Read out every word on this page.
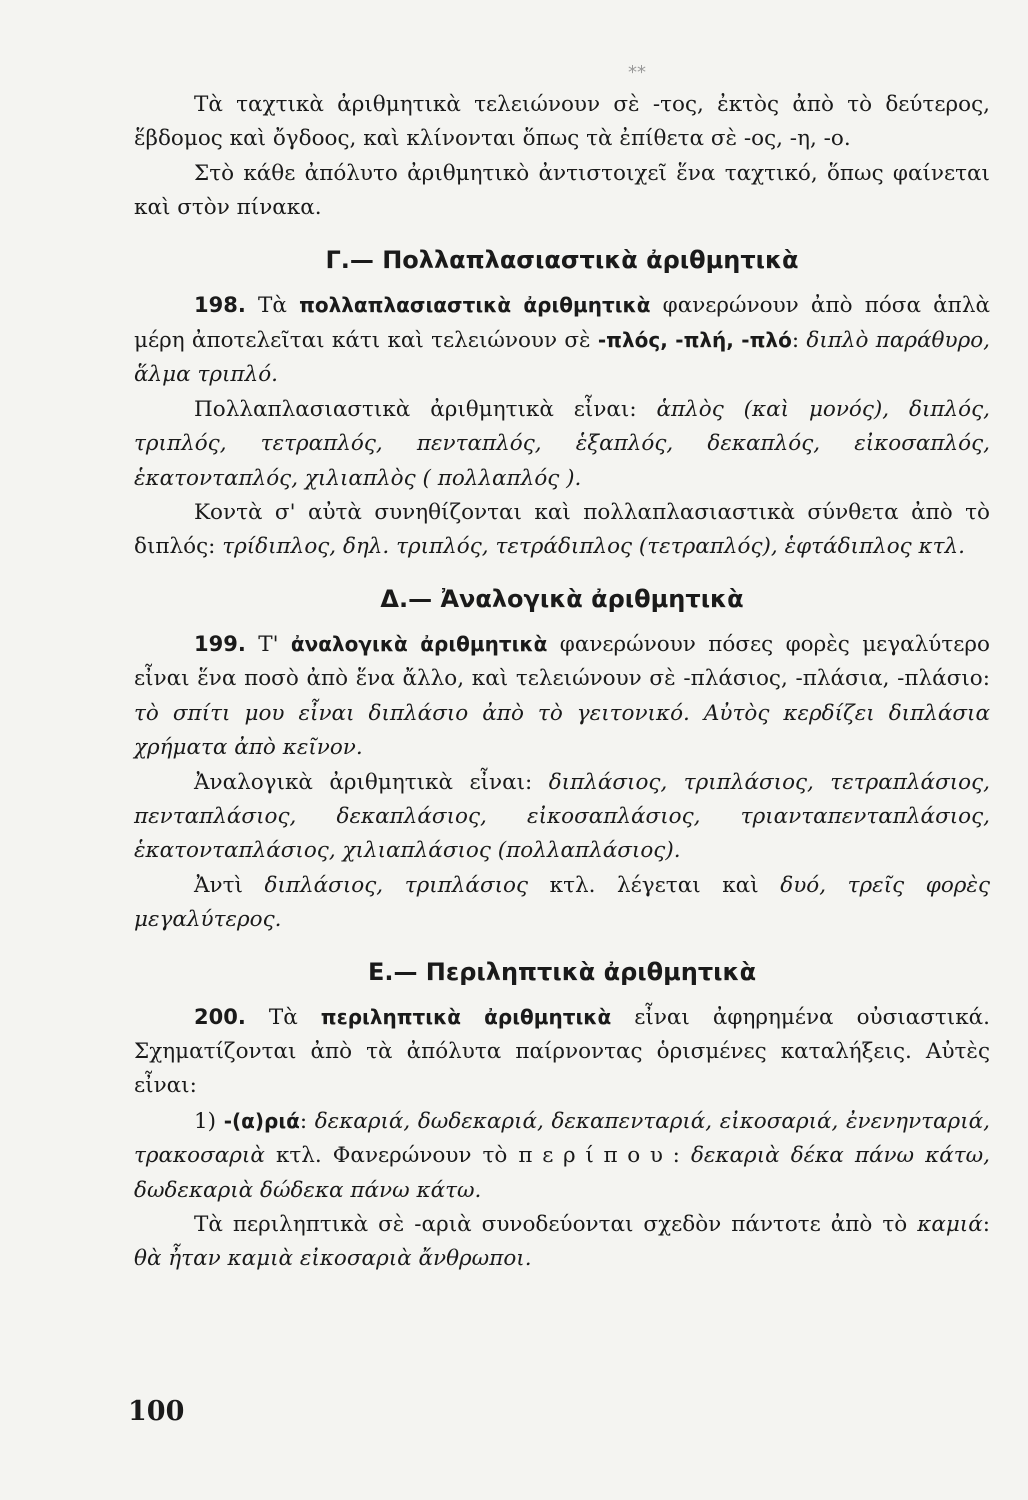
**

Τὰ ταχτικὰ ἀριθμητικὰ τελειώνουν σὲ -τος, ἐκτὸς ἀπὸ τὸ δεύτερος, ἕβδομος καὶ ὄγδοος, καὶ κλίνονται ὅπως τὰ ἐπίθετα σὲ -ος, -η, -ο.

Στὸ κάθε ἀπόλυτο ἀριθμητικὸ ἀντιστοιχεῖ ἕνα ταχτικό, ὅπως φαίνεται καὶ στὸν πίνακα.

Γ.— Πολλαπλασιαστικὰ ἀριθμητικὰ

198. Τὰ πολλαπλασιαστικὰ ἀριθμητικὰ φανερώνουν ἀπὸ πόσα ἁπλὰ μέρη ἀποτελεῖται κάτι καὶ τελειώνουν σὲ -πλός, -πλή, -πλό: διπλὸ παράθυρο, ἅλμα τριπλό.

Πολλαπλασιαστικὰ ἀριθμητικὰ εἶναι: ἁπλὸς (καὶ μονός), διπλός, τριπλός, τετραπλός, πενταπλός, ἑξαπλός, δεκαπλός, εἰκοσαπλός, ἑκατονταπλός, χιλιαπλὸς ( πολλαπλός ).

Κοντὰ σ' αὐτὰ συνηθίζονται καὶ πολλαπλασιαστικὰ σύνθετα ἀπὸ τὸ διπλός: τρίδιπλος, δηλ. τριπλός, τετράδιπλος (τετραπλός), ἑφτάδιπλος κτλ.

Δ.— Ἀναλογικὰ ἀριθμητικὰ

199. Τ' ἀναλογικὰ ἀριθμητικὰ φανερώνουν πόσες φορὲς μεγαλύτερο εἶναι ἕνα ποσὸ ἀπὸ ἕνα ἄλλο, καὶ τελειώνουν σὲ -πλάσιος, -πλάσια, -πλάσιο: τὸ σπίτι μου εἶναι διπλάσιο ἀπὸ τὸ γειτονικό. Αὐτὸς κερδίζει διπλάσια χρήματα ἀπὸ κεῖνον.

Ἀναλογικὰ ἀριθμητικὰ εἶναι: διπλάσιος, τριπλάσιος, τετραπλάσιος, πενταπλάσιος, δεκαπλάσιος, εἰκοσαπλάσιος, τριανταπενταπλάσιος, ἑκατονταπλάσιος, χιλιαπλάσιος (πολλαπλάσιος).

Ἀντὶ διπλάσιος, τριπλάσιος κτλ. λέγεται καὶ δυό, τρεῖς φορὲς μεγαλύτερος.

Ε.— Περιληπτικὰ ἀριθμητικὰ

200. Τὰ περιληπτικὰ ἀριθμητικὰ εἶναι ἀφηρημένα οὐσιαστικά. Σχηματίζονται ἀπὸ τὰ ἀπόλυτα παίρνοντας ὁρισμένες καταλήξεις. Αὐτὲς εἶναι:

1) -(α)ριά: δεκαριά, δωδεκαριά, δεκαπενταριά, εἰκοσαριά, ἐνενηνταριά, τρακοσαριὰ κτλ. Φανερώνουν τὸ περίπου: δεκαριὰ δέκα πάνω κάτω, δωδεκαριὰ δώδεκα πάνω κάτω.

Τὰ περιληπτικὰ σὲ -αριὰ συνοδεύονται σχεδὸν πάντοτε ἀπὸ τὸ καμιά: θὰ ἦταν καμιὰ εἰκοσαριὰ ἄνθρωποι.

100
